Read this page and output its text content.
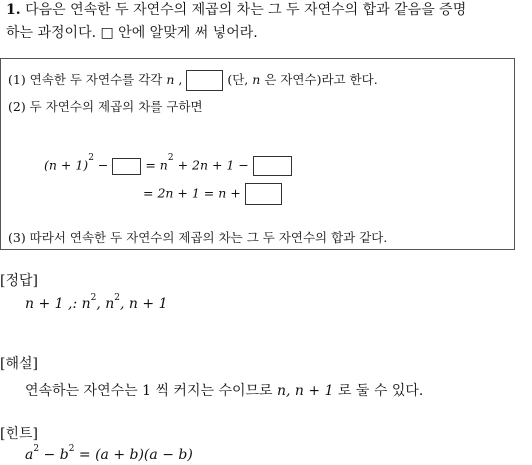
1. 다음은 연속한 두 자연수의 제곱의 차는 그 두 자연수의 합과 같음을 증명
하는 과정이다. □ 안에 알맞게 써 넣어라.
(1) 연속한 두 자연수를 각각 n ,	(단, n 은 자연수)라고 한다.
(2) 두 자연수의 제곱의 차를 구하면
$(n + 1)^2$ −	= $n^2 + 2n + 1$ −
= 2n + 1 = n +
(3) 따라서 연속한 두 자연수의 제곱의 차는 그 두 자연수의 합과 같다.
[정답]
n + 1 ,: $n^2$, $n^2$, n + 1
[해설]
연속하는 자연수는 1 씩 커지는 수이므로 n, n + 1 로 둘 수 있다.
[힌트]
$a^2 - b^2 = (a + b)(a - b)$
